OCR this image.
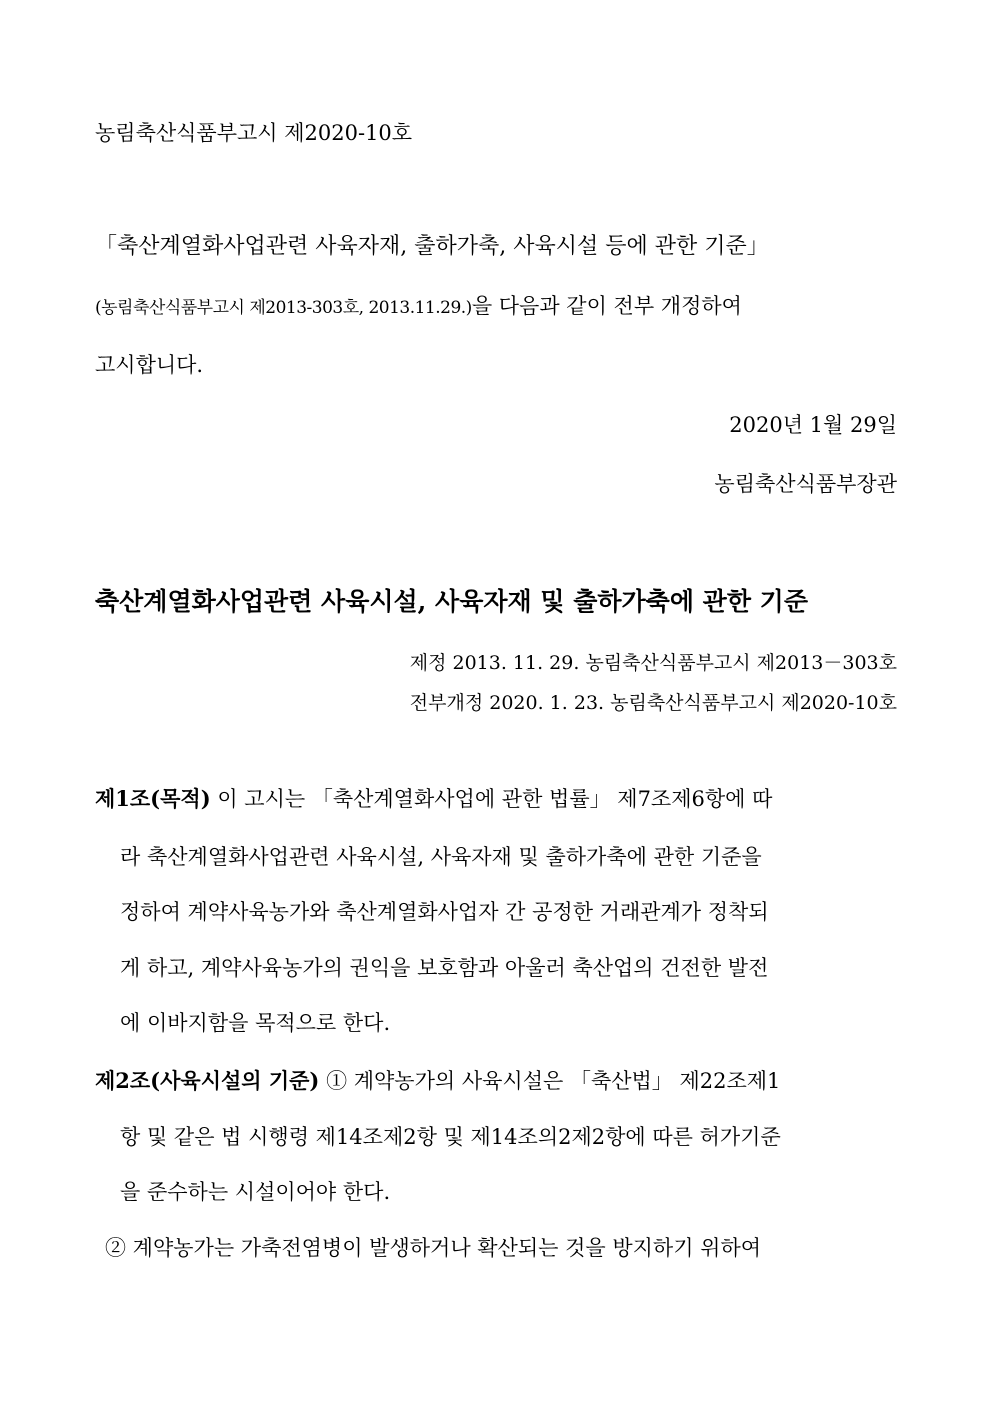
농림축산식품부고시 제2020-10호
「축산계열화사업관련 사육자재, 출하가축, 사육시설 등에 관한 기준」
(농림축산식품부고시 제2013-303호, 2013.11.29.)을 다음과 같이 전부 개정하여
고시합니다.
2020년 1월 29일
농림축산식품부장관
축산계열화사업관련 사육시설, 사육자재 및 출하가축에 관한 기준
제정 2013. 11. 29. 농림축산식품부고시 제2013－303호
전부개정 2020. 1. 23. 농림축산식품부고시 제2020-10호
제1조(목적) 이 고시는 「축산계열화사업에 관한 법률」 제7조제6항에 따
라 축산계열화사업관련 사육시설, 사육자재 및 출하가축에 관한 기준을
정하여 계약사육농가와 축산계열화사업자 간 공정한 거래관계가 정착되
게 하고, 계약사육농가의 권익을 보호함과 아울러 축산업의 건전한 발전
에 이바지함을 목적으로 한다.
제2조(사육시설의 기준) ① 계약농가의 사육시설은 「축산법」 제22조제1
항 및 같은 법 시행령 제14조제2항 및 제14조의2제2항에 따른 허가기준
을 준수하는 시설이어야 한다.
② 계약농가는 가축전염병이 발생하거나 확산되는 것을 방지하기 위하여
